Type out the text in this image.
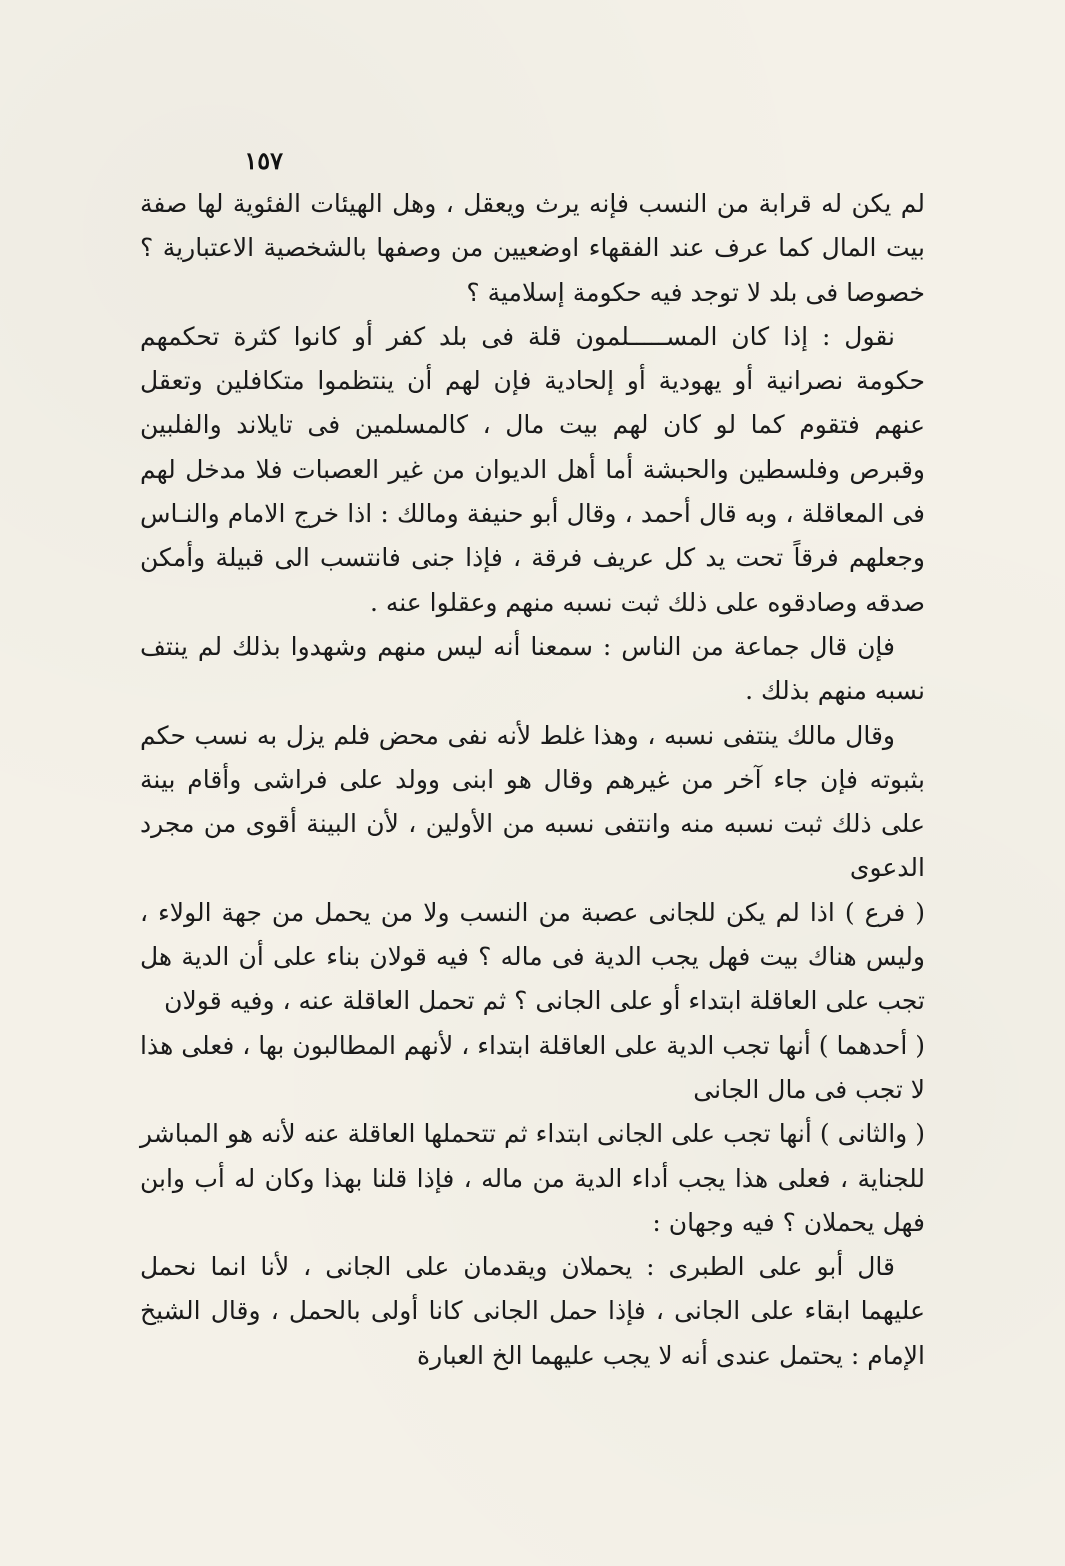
١٥٧

لم يكن له قرابة من النسب فإنه يرث ويعقل ، وهل الهيئات الفئوية لها صفة بيت المال كما عرف عند الفقهاء اوضعيين من وصفها بالشخصية الاعتبارية ؟ خصوصا فى بلد لا توجد فيه حكومة إسلامية ؟

نقول : إذا كان المســـــلمون قلة فى بلد كفر أو كانوا كثرة تحكمهم حكومة نصرانية أو يهودية أو إلحادية فإن لهم أن ينتظموا متكافلين وتعقل عنهم فتقوم كما لو كان لهم بيت مال ، كالمسلمين فى تايلاند والفلبين وقبرص وفلسطين والحبشة أما أهل الديوان من غير العصبات فلا مدخل لهم فى المعاقلة ، وبه قال أحمد ، وقال أبو حنيفة ومالك : اذا خرج الامام والنـاس وجعلهم فرقاً تحت يد كل عريف فرقة ، فإذا جنى فانتسب الى قبيلة وأمكن صدقه وصادقوه على ذلك ثبت نسبه منهم وعقلوا عنه .

فإن قال جماعة من الناس : سمعنا أنه ليس منهم وشهدوا بذلك لم ينتف نسبه منهم بذلك .

وقال مالك ينتفى نسبه ، وهذا غلط لأنه نفى محض فلم يزل به نسب حكم بثبوته فإن جاء آخر من غيرهم وقال هو ابنى وولد على فراشى وأقام بينة على ذلك ثبت نسبه منه وانتفى نسبه من الأولين ، لأن البينة أقوى من مجرد الدعوى

( فرع ) اذا لم يكن للجانى عصبة من النسب ولا من يحمل من جهة الولاء ، وليس هناك بيت فهل يجب الدية فى ماله ؟ فيه قولان بناء على أن الدية هل تجب على العاقلة ابتداء أو على الجانى ؟ ثم تحمل العاقلة عنه ، وفيه قولان

( أحدهما ) أنها تجب الدية على العاقلة ابتداء ، لأنهم المطالبون بها ، فعلى هذا لا تجب فى مال الجانى

( والثانى ) أنها تجب على الجانى ابتداء ثم تتحملها العاقلة عنه لأنه هو المباشر للجناية ، فعلى هذا يجب أداء الدية من ماله ، فإذا قلنا بهذا وكان له أب وابن فهل يحملان ؟ فيه وجهان :

قال أبو على الطبرى : يحملان ويقدمان على الجانى ، لأنا انما نحمل عليهما ابقاء على الجانى ، فإذا حمل الجانى كانا أولى بالحمل ، وقال الشيخ الإمام : يحتمل عندى أنه لا يجب عليهما الخ العبارة
